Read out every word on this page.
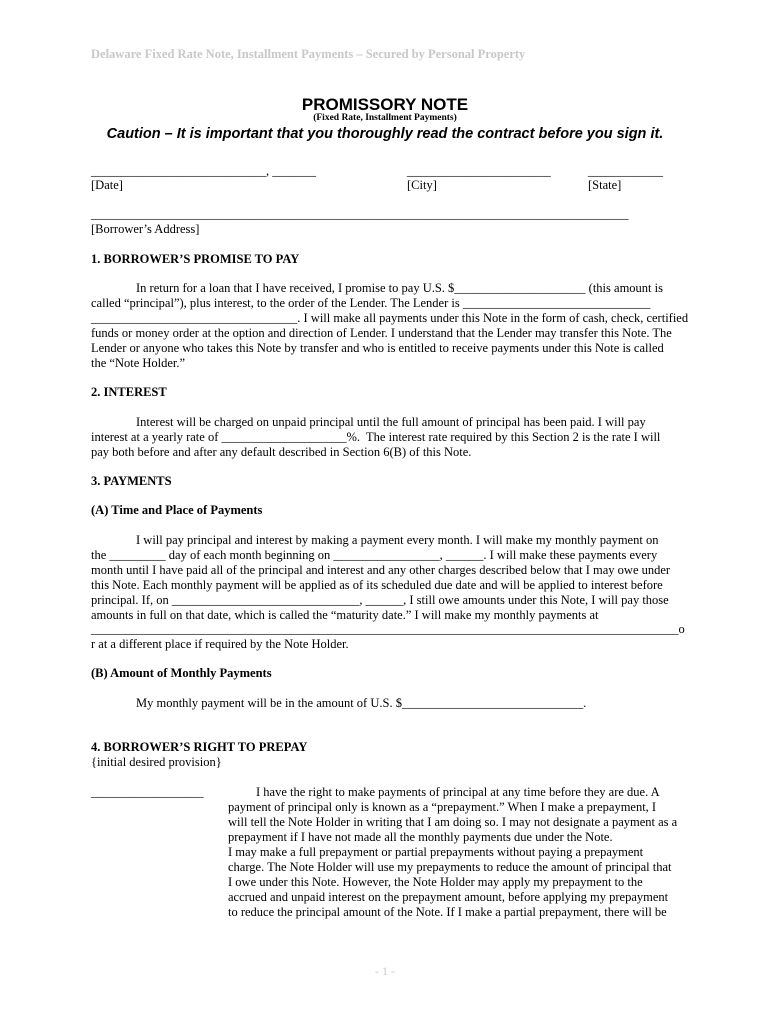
Delaware Fixed Rate Note, Installment Payments – Secured by Personal Property
PROMISSORY NOTE
(Fixed Rate, Installment Payments)
Caution – It is important that you thoroughly read the contract before you sign it.
____________________________, _______	_______________________	____________
[Date]	[City]	[State]
______________________________________________________________________________________
[Borrower’s Address]
1. BORROWER’S PROMISE TO PAY
In return for a loan that I have received, I promise to pay U.S. $_____________________ (this amount is
called “principal”), plus interest, to the order of the Lender. The Lender is ______________________________
_________________________________. I will make all payments under this Note in the form of cash, check, certified
funds or money order at the option and direction of Lender. I understand that the Lender may transfer this Note. The
Lender or anyone who takes this Note by transfer and who is entitled to receive payments under this Note is called
the “Note Holder.”
2. INTEREST
Interest will be charged on unpaid principal until the full amount of principal has been paid. I will pay
interest at a yearly rate of ____________________%.  The interest rate required by this Section 2 is the rate I will
pay both before and after any default described in Section 6(B) of this Note.
3. PAYMENTS
(A) Time and Place of Payments
I will pay principal and interest by making a payment every month. I will make my monthly payment on
the _________ day of each month beginning on _________________, ______. I will make these payments every
month until I have paid all of the principal and interest and any other charges described below that I may owe under
this Note. Each monthly payment will be applied as of its scheduled due date and will be applied to interest before
principal. If, on ______________________________, ______, I still owe amounts under this Note, I will pay those
amounts in full on that date, which is called the “maturity date.” I will make my monthly payments at
______________________________________________________________________________________________o
r at a different place if required by the Note Holder.
(B) Amount of Monthly Payments
My monthly payment will be in the amount of U.S. $_____________________________.
4. BORROWER’S RIGHT TO PREPAY
{initial desired provision}
__________________	I have the right to make payments of principal at any time before they are due. A
payment of principal only is known as a “prepayment.” When I make a prepayment, I
will tell the Note Holder in writing that I am doing so. I may not designate a payment as a
prepayment if I have not made all the monthly payments due under the Note.
I may make a full prepayment or partial prepayments without paying a prepayment
charge. The Note Holder will use my prepayments to reduce the amount of principal that
I owe under this Note. However, the Note Holder may apply my prepayment to the
accrued and unpaid interest on the prepayment amount, before applying my prepayment
to reduce the principal amount of the Note. If I make a partial prepayment, there will be
- 1 -
